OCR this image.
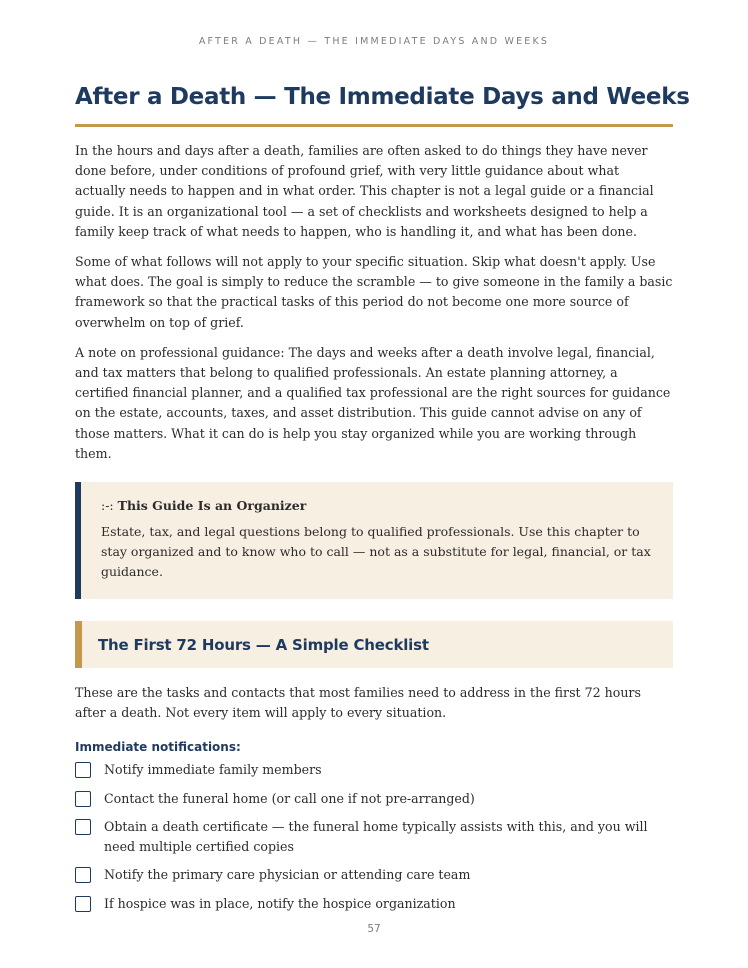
AFTER A DEATH — THE IMMEDIATE DAYS AND WEEKS
After a Death — The Immediate Days and Weeks

In the hours and days after a death, families are often asked to do things they have never done before, under conditions of profound grief, with very little guidance about what actually needs to happen and in what order. This chapter is not a legal guide or a financial guide. It is an organizational tool — a set of checklists and worksheets designed to help a family keep track of what needs to happen, who is handling it, and what has been done.

Some of what follows will not apply to your specific situation. Skip what doesn't apply. Use what does. The goal is simply to reduce the scramble — to give someone in the family a basic framework so that the practical tasks of this period do not become one more source of overwhelm on top of grief.

A note on professional guidance: The days and weeks after a death involve legal, financial, and tax matters that belong to qualified professionals. An estate planning attorney, a certified financial planner, and a qualified tax professional are the right sources for guidance on the estate, accounts, taxes, and asset distribution. This guide cannot advise on any of those matters. What it can do is help you stay organized while you are working through them.

:-: This Guide Is an Organizer
Estate, tax, and legal questions belong to qualified professionals. Use this chapter to stay organized and to know who to call — not as a substitute for legal, financial, or tax guidance.
The First 72 Hours — A Simple Checklist

These are the tasks and contacts that most families need to address in the first 72 hours after a death. Not every item will apply to every situation.

Immediate notifications:
Notify immediate family members
Contact the funeral home (or call one if not pre-arranged)
Obtain a death certificate — the funeral home typically assists with this, and you will need multiple certified copies
Notify the primary care physician or attending care team
If hospice was in place, notify the hospice organization
57
